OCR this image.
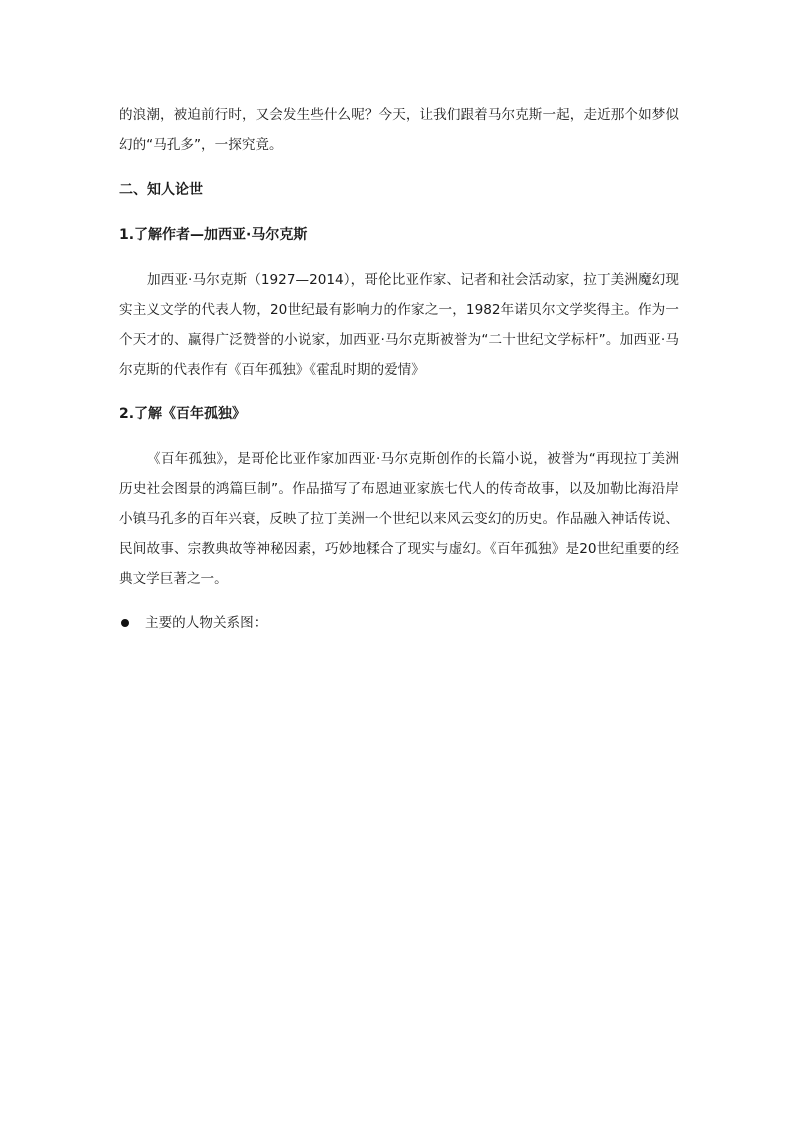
的浪潮，被迫前行时，又会发生些什么呢？今天，让我们跟着马尔克斯一起，走近那个如梦似幻的“马孔多”，一探究竟。

二、知人论世

1.了解作者—加西亚·马尔克斯

加西亚·马尔克斯（1927—2014），哥伦比亚作家、记者和社会活动家，拉丁美洲魔幻现实主义文学的代表人物，20世纪最有影响力的作家之一，1982年诺贝尔文学奖得主。作为一个天才的、赢得广泛赞誉的小说家，加西亚·马尔克斯被誉为“二十世纪文学标杆”。加西亚·马尔克斯的代表作有《百年孤独》《霍乱时期的爱情》

2.了解《百年孤独》

《百年孤独》，是哥伦比亚作家加西亚·马尔克斯创作的长篇小说，被誉为“再现拉丁美洲历史社会图景的鸿篇巨制”。作品描写了布恩迪亚家族七代人的传奇故事，以及加勒比海沿岸小镇马孔多的百年兴衰，反映了拉丁美洲一个世纪以来风云变幻的历史。作品融入神话传说、民间故事、宗教典故等神秘因素，巧妙地糅合了现实与虚幻。《百年孤独》是20世纪重要的经典文学巨著之一。

主要的人物关系图：
